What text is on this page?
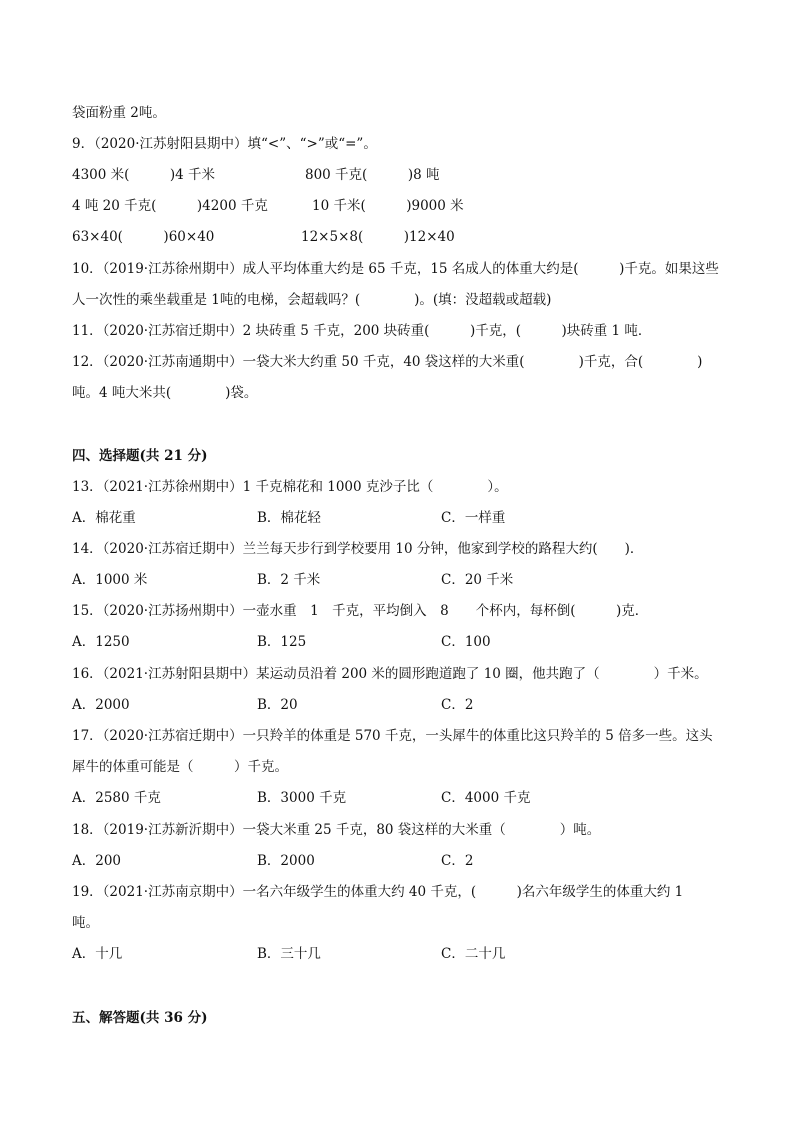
袋面粉重 2吨。
9．（2020·江苏射阳县期中）填“<”、“>”或“=”。
4300 米(　　　)4 千米	800 千克(　　　)8 吨
4 吨 20 千克(　　　)4200 千克	10 千米(　　　)9000 米
63×40(　　　)60×40	12×5×8(　　　)12×40
10．（2019·江苏徐州期中）成人平均体重大约是 65 千克，15 名成人的体重大约是(　　　)千克。如果这些
人一次性的乘坐载重是 1吨的电梯，会超载吗？(　　　　)。(填：没超载或超载)
11．（2020·江苏宿迁期中）2 块砖重 5 千克，200 块砖重(　　　)千克，(　　　)块砖重 1 吨．
12．（2020·江苏南通期中）一袋大米大约重 50 千克，40 袋这样的大米重(　　　　)千克，合(　　　　)
吨。4 吨大米共(　　　　)袋。
四、选择题(共 21 分)
13．（2021·江苏徐州期中）1 千克棉花和 1000 克沙子比（　　　　）。
A．棉花重	B．棉花轻	C．一样重
14．（2020·江苏宿迁期中）兰兰每天步行到学校要用 10 分钟，他家到学校的路程大约(　　)．
A．1000 米	B．2 千米	C．20 千米
15．（2020·江苏扬州期中）一壶水重　1　千克，平均倒入　8　　个杯内，每杯倒(　　　)克．
A．1250	B．125	C．100
16．（2021·江苏射阳县期中）某运动员沿着 200 米的圆形跑道跑了 10 圈，他共跑了（　　　　）千米。
A．2000	B．20	C．2
17．（2020·江苏宿迁期中）一只羚羊的体重是 570 千克，一头犀牛的体重比这只羚羊的 5 倍多一些。这头
犀牛的体重可能是（　　　）千克。
A．2580 千克	B．3000 千克	C．4000 千克
18．（2019·江苏新沂期中）一袋大米重 25 千克，80 袋这样的大米重（　　　　）吨。
A．200	B．2000	C．2
19．（2021·江苏南京期中）一名六年级学生的体重大约 40 千克，(　　　)名六年级学生的体重大约 1
吨。
A．十几	B．三十几	C．二十几
五、解答题(共 36 分)
